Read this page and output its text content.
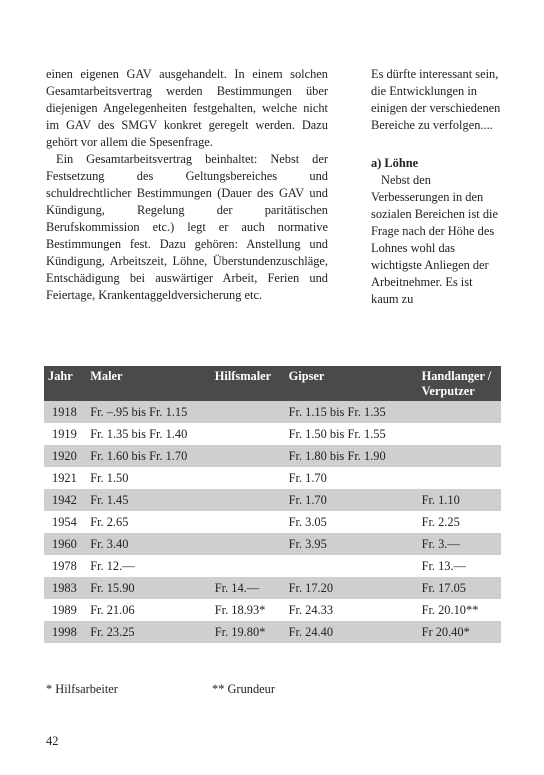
einen eigenen GAV ausgehandelt. In einem solchen Gesamtarbeitsvertrag werden Bestimmungen über diejenigen Angelegenheiten festgehalten, welche nicht im GAV des SMGV konkret geregelt werden. Dazu gehört vor allem die Spesenfrage.

Ein Gesamtarbeitsvertrag beinhaltet: Nebst der Festsetzung des Geltungsbereiches und schuldrechtlicher Bestimmungen (Dauer des GAV und Kündigung, Regelung der paritätischen Berufskommission etc.) legt er auch normative Bestimmungen fest. Dazu gehören: Anstellung und Kündigung, Arbeitszeit, Löhne, Überstundenzuschläge, Entschädigung bei auswärtiger Arbeit, Ferien und Feiertage, Krankentaggeldversicherung etc.

Es dürfte interessant sein, die Entwicklungen in einigen der verschiedenen Bereiche zu verfolgen....

a) Löhne

Nebst den Verbesserungen in den sozialen Bereichen ist die Frage nach der Höhe des Lohnes wohl das wichtigste Anliegen der Arbeitnehmer. Es ist kaum zu

Jahr	Maler	Hilfsmaler	Gipser	Handlanger / Verputzer
1918	Fr. –.95 bis Fr. 1.15		Fr. 1.15 bis Fr. 1.35	
1919	Fr. 1.35 bis Fr. 1.40		Fr. 1.50 bis Fr. 1.55	
1920	Fr. 1.60 bis Fr. 1.70		Fr. 1.80 bis Fr. 1.90	
1921	Fr. 1.50		Fr. 1.70	
1942	Fr. 1.45		Fr. 1.70	Fr. 1.10
1954	Fr. 2.65		Fr. 3.05	Fr. 2.25
1960	Fr. 3.40		Fr. 3.95	Fr. 3.—
1978	Fr. 12.—			Fr. 13.—
1983	Fr. 15.90	Fr. 14.—	Fr. 17.20	Fr. 17.05
1989	Fr. 21.06	Fr. 18.93*	Fr. 24.33	Fr. 20.10**
1998	Fr. 23.25	Fr. 19.80*	Fr. 24.40	Fr 20.40*
* Hilfsarbeiter	** Grundeur
42
